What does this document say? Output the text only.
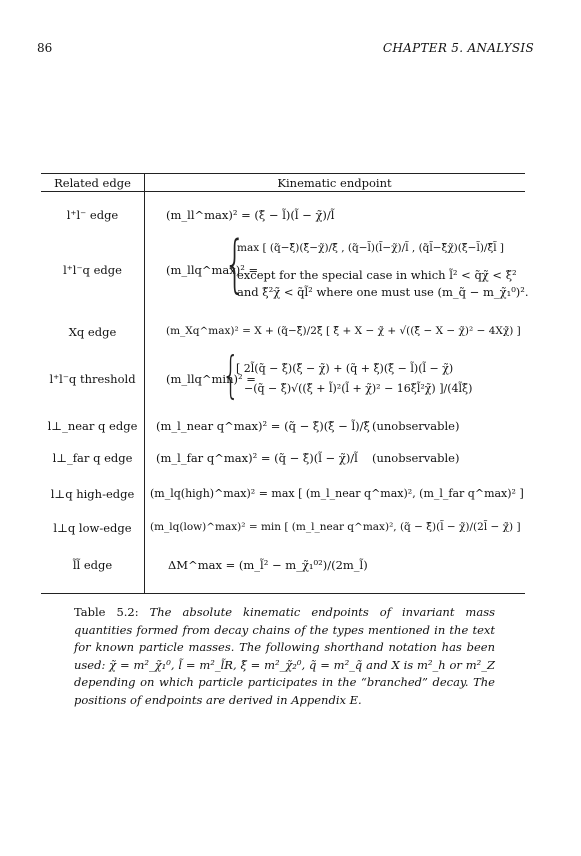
86	CHAPTER 5. ANALYSIS
Related edge	Kinematic endpoint
l⁺l⁻ edge	(m_ll^max)² = (ξ̃ − l̃)(l̃ − χ̃)/l̃
l⁺l⁻q edge	(m_llq^max)² =
{
max [ (q̃−ξ̃)(ξ̃−χ̃)/ξ̃ , (q̃−l̃)(l̃−χ̃)/l̃ , (q̃l̃−ξ̃χ̃)(ξ̃−l̃)/ξ̃l̃ ]
except for the special case in which l̃² < q̃χ̃ < ξ̃²
and ξ̃²χ̃ < q̃l̃² where one must use (m_q̃ − m_χ̃₁⁰)².
Xq edge	(m_Xq^max)² = X + (q̃−ξ̃)/2ξ̃ [ ξ̃ + X − χ̃ + √((ξ̃ − X − χ̃)² − 4Xχ̃) ]
l⁺l⁻q threshold	(m_llq^min)² =
{
[ 2l̃(q̃ − ξ̃)(ξ̃ − χ̃) + (q̃ + ξ̃)(ξ̃ − l̃)(l̃ − χ̃)
−(q̃ − ξ̃)√((ξ̃ + l̃)²(l̃ + χ̃)² − 16ξ̃l̃²χ̃) ]/(4l̃ξ̃)
l⊥_near q edge	(m_l_near q^max)² = (q̃ − ξ̃)(ξ̃ − l̃)/ξ̃ (unobservable)
l⊥_far q edge	(m_l_far q^max)² = (q̃ − ξ̃)(l̃ − χ̃)/l̃ (unobservable)
l⊥q high-edge	(m_lq(high)^max)² = max [ (m_l_near q^max)², (m_l_far q^max)² ]
l⊥q low-edge	(m_lq(low)^max)² = min [ (m_l_near q^max)², (q̃ − ξ̃)(l̃ − χ̃)/(2l̃ − χ̃) ]
l̃l̃ edge	ΔM^max = (m_l̃² − m_χ̃₁⁰²)/(2m_l̃)
Table 5.2: The absolute kinematic endpoints of invariant mass quantities formed from decay chains of the types mentioned in the text for known particle masses. The following shorthand notation has been used: χ̃ = m²_χ̃₁⁰, l̃ = m²_l̃R, ξ̃ = m²_χ̃₂⁰, q̃ = m²_q̃ and X is m²_h or m²_Z depending on which particle participates in the “branched” decay. The positions of endpoints are derived in Appendix E.
